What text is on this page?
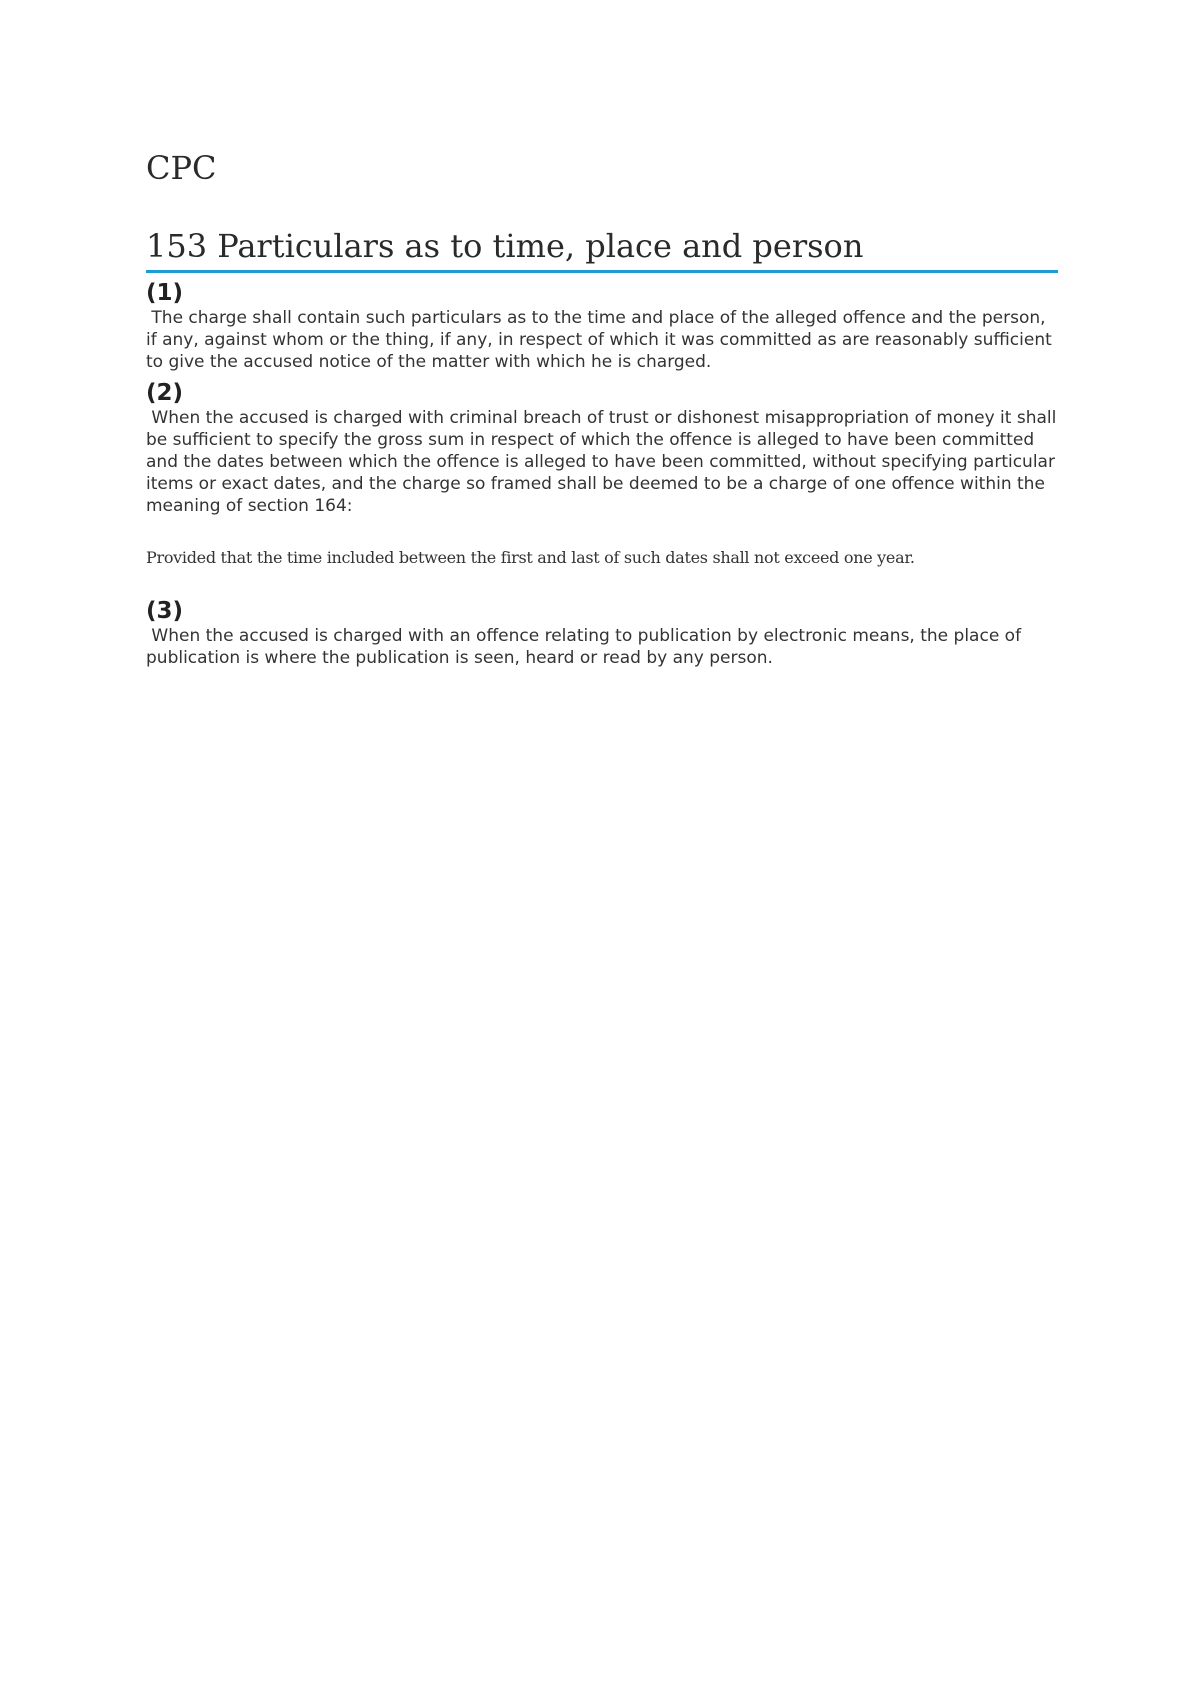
CPC
153 Particulars as to time, place and person
(1)

The charge shall contain such particulars as to the time and place of the alleged offence and the person, if any, against whom or the thing, if any, in respect of which it was committed as are reasonably sufficient to give the accused notice of the matter with which he is charged.

(2)

When the accused is charged with criminal breach of trust or dishonest misappropriation of money it shall be sufficient to specify the gross sum in respect of which the offence is alleged to have been committed and the dates between which the offence is alleged to have been committed, without specifying particular items or exact dates, and the charge so framed shall be deemed to be a charge of one offence within the meaning of section 164:

Provided that the time included between the first and last of such dates shall not exceed one year.

(3)

When the accused is charged with an offence relating to publication by electronic means, the place of publication is where the publication is seen, heard or read by any person.
